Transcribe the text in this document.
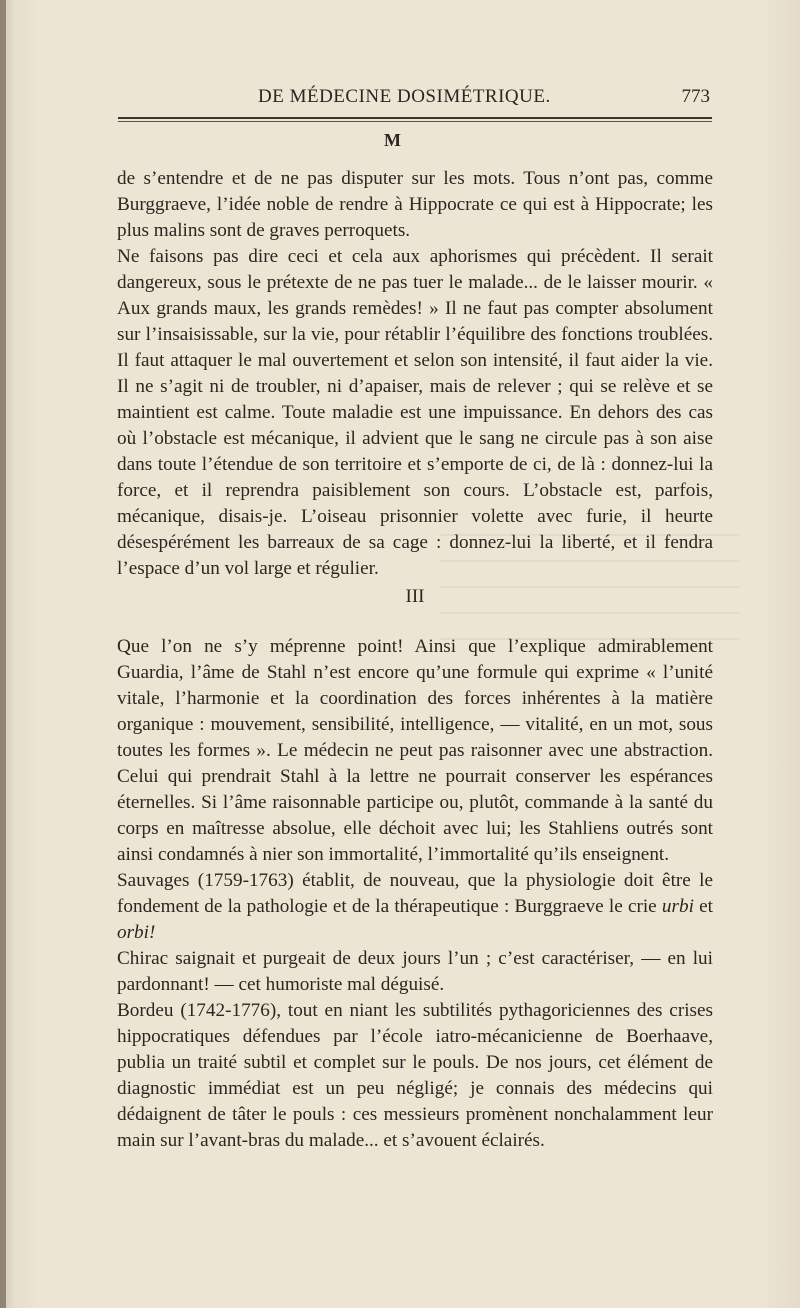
DE MÉDECINE DOSIMÉTRIQUE.	773
M

de s’entendre et de ne pas disputer sur les mots. Tous n’ont pas, comme Burggraeve, l’idée noble de rendre à Hippocrate ce qui est à Hippocrate; les plus malins sont de graves perroquets.

Ne faisons pas dire ceci et cela aux aphorismes qui précèdent. Il serait dangereux, sous le prétexte de ne pas tuer le malade... de le laisser mourir. « Aux grands maux, les grands remèdes! » Il ne faut pas compter absolument sur l’insaisissable, sur la vie, pour rétablir l’équilibre des fonctions troublées. Il faut attaquer le mal ouvertement et selon son intensité, il faut aider la vie. Il ne s’agit ni de troubler, ni d’apaiser, mais de relever ; qui se relève et se maintient est calme. Toute maladie est une impuissance. En dehors des cas où l’obstacle est mécanique, il advient que le sang ne circule pas à son aise dans toute l’étendue de son territoire et s’emporte de ci, de là : donnez-lui la force, et il reprendra paisiblement son cours. L’obstacle est, parfois, mécanique, disais-je. L’oiseau prisonnier volette avec furie, il heurte désespérément les barreaux de sa cage : donnez-lui la liberté, et il fendra l’espace d’un vol large et régulier.

III

Que l’on ne s’y méprenne point! Ainsi que l’explique admirablement Guardia, l’âme de Stahl n’est encore qu’une formule qui exprime « l’unité vitale, l’harmonie et la coordination des forces inhérentes à la matière organique : mouvement, sensibilité, intelligence, — vitalité, en un mot, sous toutes les formes ». Le médecin ne peut pas raisonner avec une abstraction. Celui qui prendrait Stahl à la lettre ne pourrait conserver les espérances éternelles. Si l’âme raisonnable participe ou, plutôt, commande à la santé du corps en maîtresse absolue, elle déchoit avec lui; les Stahliens outrés sont ainsi condamnés à nier son immortalité, l’immortalité qu’ils enseignent.

Sauvages (1759-1763) établit, de nouveau, que la physiologie doit être le fondement de la pathologie et de la thérapeutique : Burggraeve le crie urbi et orbi!

Chirac saignait et purgeait de deux jours l’un ; c’est caractériser, — en lui pardonnant! — cet humoriste mal déguisé.

Bordeu (1742-1776), tout en niant les subtilités pythagoriciennes des crises hippocratiques défendues par l’école iatro-mécanicienne de Boerhaave, publia un traité subtil et complet sur le pouls. De nos jours, cet élément de diagnostic immédiat est un peu négligé; je connais des médecins qui dédaignent de tâter le pouls : ces messieurs promènent nonchalamment leur main sur l’avant-bras du malade... et s’avouent éclairés.
